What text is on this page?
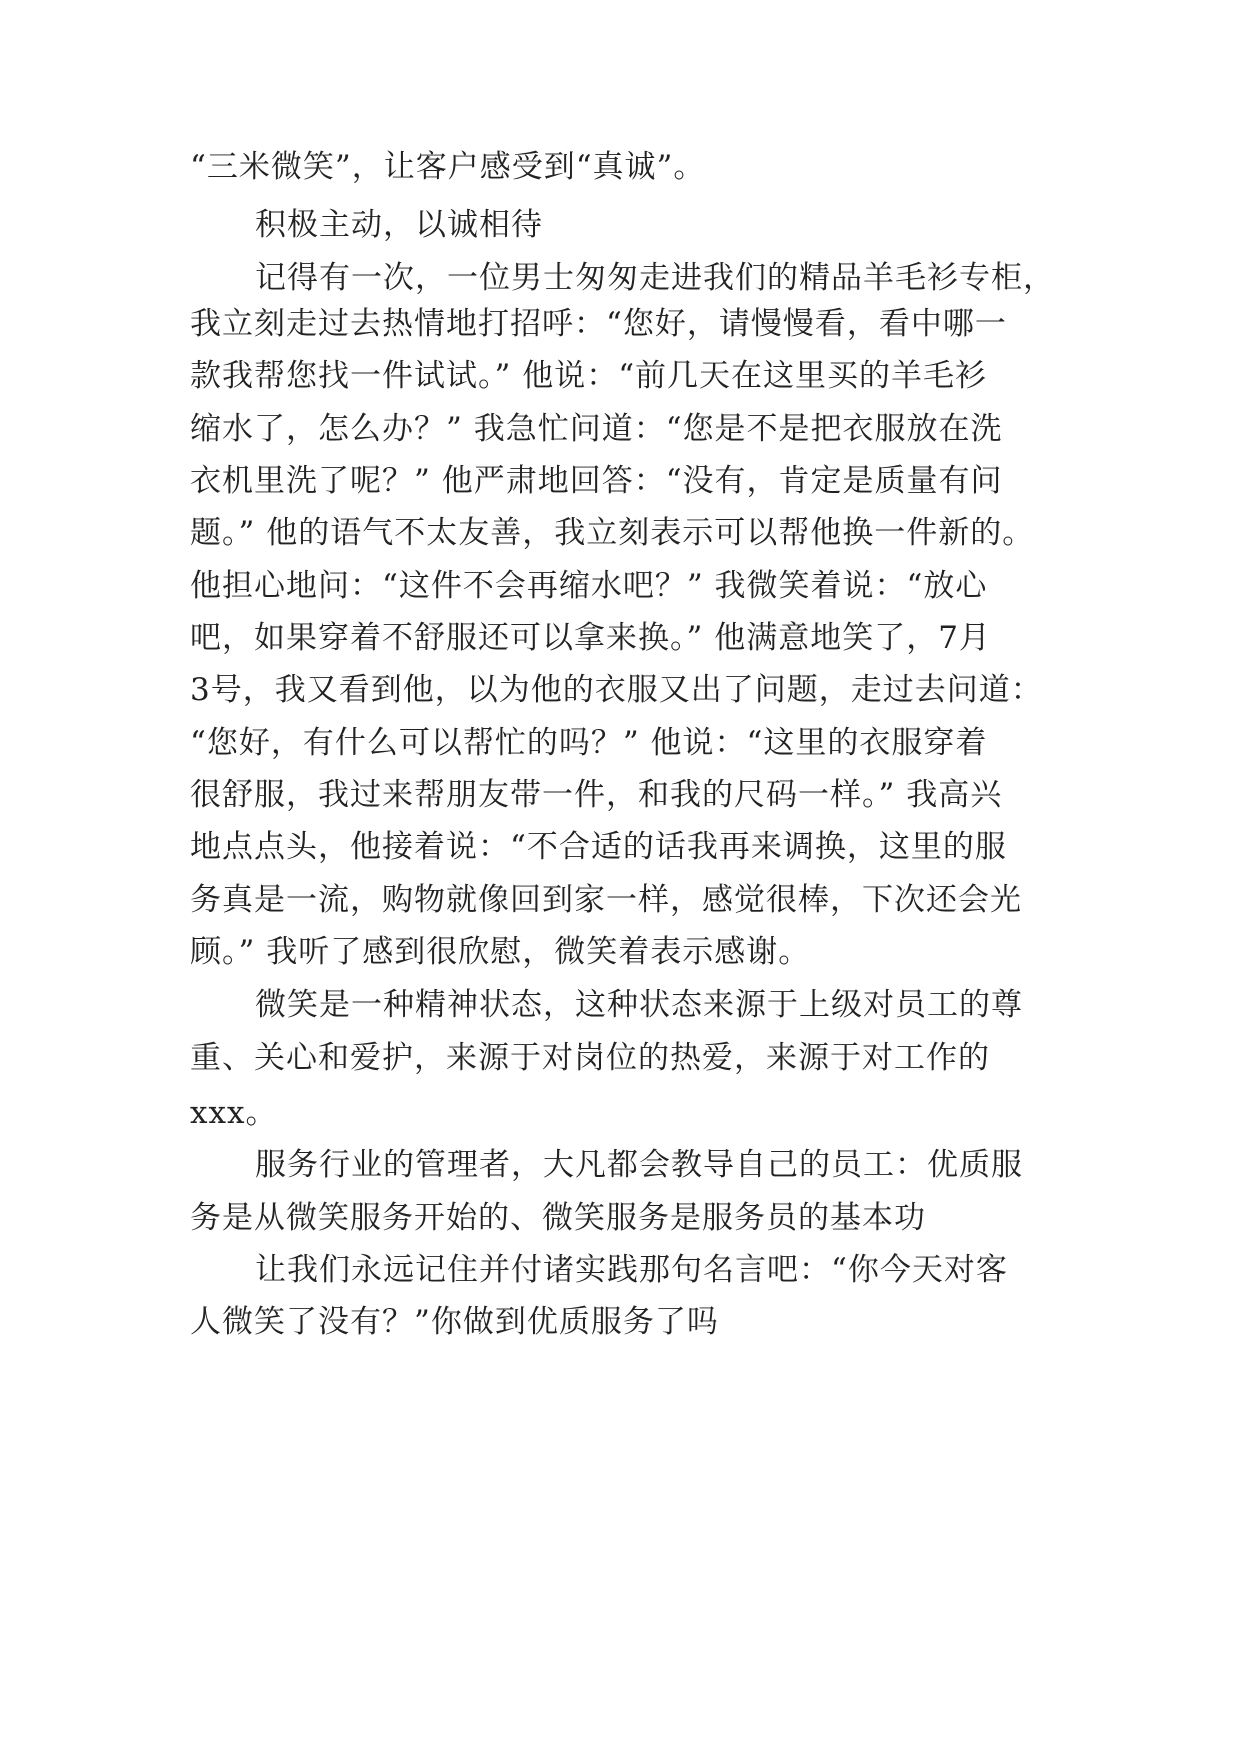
“三米微笑”，让客户感受到“真诚”。
积极主动，以诚相待
记得有一次，一位男士匆匆走进我们的精品羊毛衫专柜，
我立刻走过去热情地打招呼：“您好，请慢慢看，看中哪一
款我帮您找一件试试。” 他说：“前几天在这里买的羊毛衫
缩水了，怎么办？” 我急忙问道：“您是不是把衣服放在洗
衣机里洗了呢？” 他严肃地回答：“没有，肯定是质量有问
题。” 他的语气不太友善，我立刻表示可以帮他换一件新的。
他担心地问：“这件不会再缩水吧？” 我微笑着说：“放心
吧，如果穿着不舒服还可以拿来换。” 他满意地笑了，7月
3号，我又看到他，以为他的衣服又出了问题，走过去问道：
“您好，有什么可以帮忙的吗？” 他说：“这里的衣服穿着
很舒服，我过来帮朋友带一件，和我的尺码一样。” 我高兴
地点点头，他接着说：“不合适的话我再来调换，这里的服
务真是一流，购物就像回到家一样，感觉很棒，下次还会光
顾。” 我听了感到很欣慰，微笑着表示感谢。
微笑是一种精神状态，这种状态来源于上级对员工的尊
重、关心和爱护，来源于对岗位的热爱，来源于对工作的
xxx。
服务行业的管理者，大凡都会教导自己的员工：优质服
务是从微笑服务开始的、微笑服务是服务员的基本功
让我们永远记住并付诸实践那句名言吧：“你今天对客
人微笑了没有？”你做到优质服务了吗
